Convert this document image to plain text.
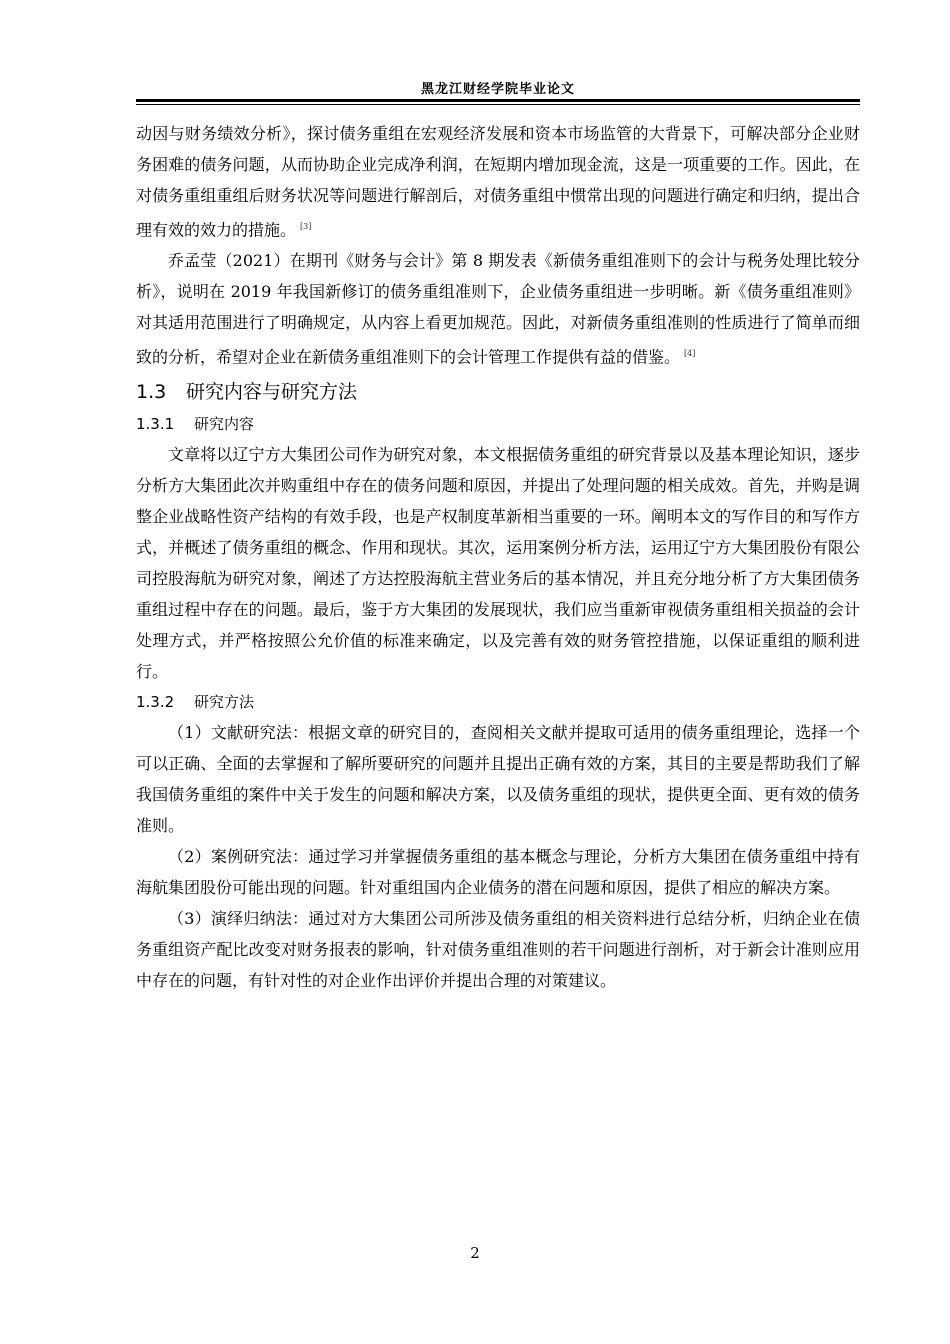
黑龙江财经学院毕业论文

动因与财务绩效分析》，探讨债务重组在宏观经济发展和资本市场监管的大背景下，可解决部分企业财务困难的债务问题，从而协助企业完成净利润，在短期内增加现金流，这是一项重要的工作。因此，在对债务重组重组后财务状况等问题进行解剖后，对债务重组中惯常出现的问题进行确定和归纳，提出合理有效的效力的措施。 [3]

乔孟莹（2021）在期刊《财务与会计》第 8 期发表《新债务重组准则下的会计与税务处理比较分析》，说明在 2019 年我国新修订的债务重组准则下，企业债务重组进一步明晰。新《债务重组准则》对其适用范围进行了明确规定，从内容上看更加规范。因此，对新债务重组准则的性质进行了简单而细致的分析，希望对企业在新债务重组准则下的会计管理工作提供有益的借鉴。 [4]

1.3 研究内容与研究方法
1.3.1 研究内容

文章将以辽宁方大集团公司作为研究对象，本文根据债务重组的研究背景以及基本理论知识，逐步分析方大集团此次并购重组中存在的债务问题和原因，并提出了处理问题的相关成效。首先，并购是调整企业战略性资产结构的有效手段，也是产权制度革新相当重要的一环。阐明本文的写作目的和写作方式，并概述了债务重组的概念、作用和现状。其次，运用案例分析方法，运用辽宁方大集团股份有限公司控股海航为研究对象，阐述了方达控股海航主营业务后的基本情况，并且充分地分析了方大集团债务重组过程中存在的问题。最后，鉴于方大集团的发展现状，我们应当重新审视债务重组相关损益的会计处理方式，并严格按照公允价值的标准来确定，以及完善有效的财务管控措施，以保证重组的顺利进行。

1.3.2 研究方法

（1）文献研究法：根据文章的研究目的，查阅相关文献并提取可适用的债务重组理论，选择一个可以正确、全面的去掌握和了解所要研究的问题并且提出正确有效的方案，其目的主要是帮助我们了解我国债务重组的案件中关于发生的问题和解决方案，以及债务重组的现状，提供更全面、更有效的债务准则。

（2）案例研究法：通过学习并掌握债务重组的基本概念与理论，分析方大集团在债务重组中持有海航集团股份可能出现的问题。针对重组国内企业债务的潜在问题和原因，提供了相应的解决方案。

（3）演绎归纳法：通过对方大集团公司所涉及债务重组的相关资料进行总结分析，归纳企业在债务重组资产配比改变对财务报表的影响，针对债务重组准则的若干问题进行剖析，对于新会计准则应用中存在的问题，有针对性的对企业作出评价并提出合理的对策建议。

2
